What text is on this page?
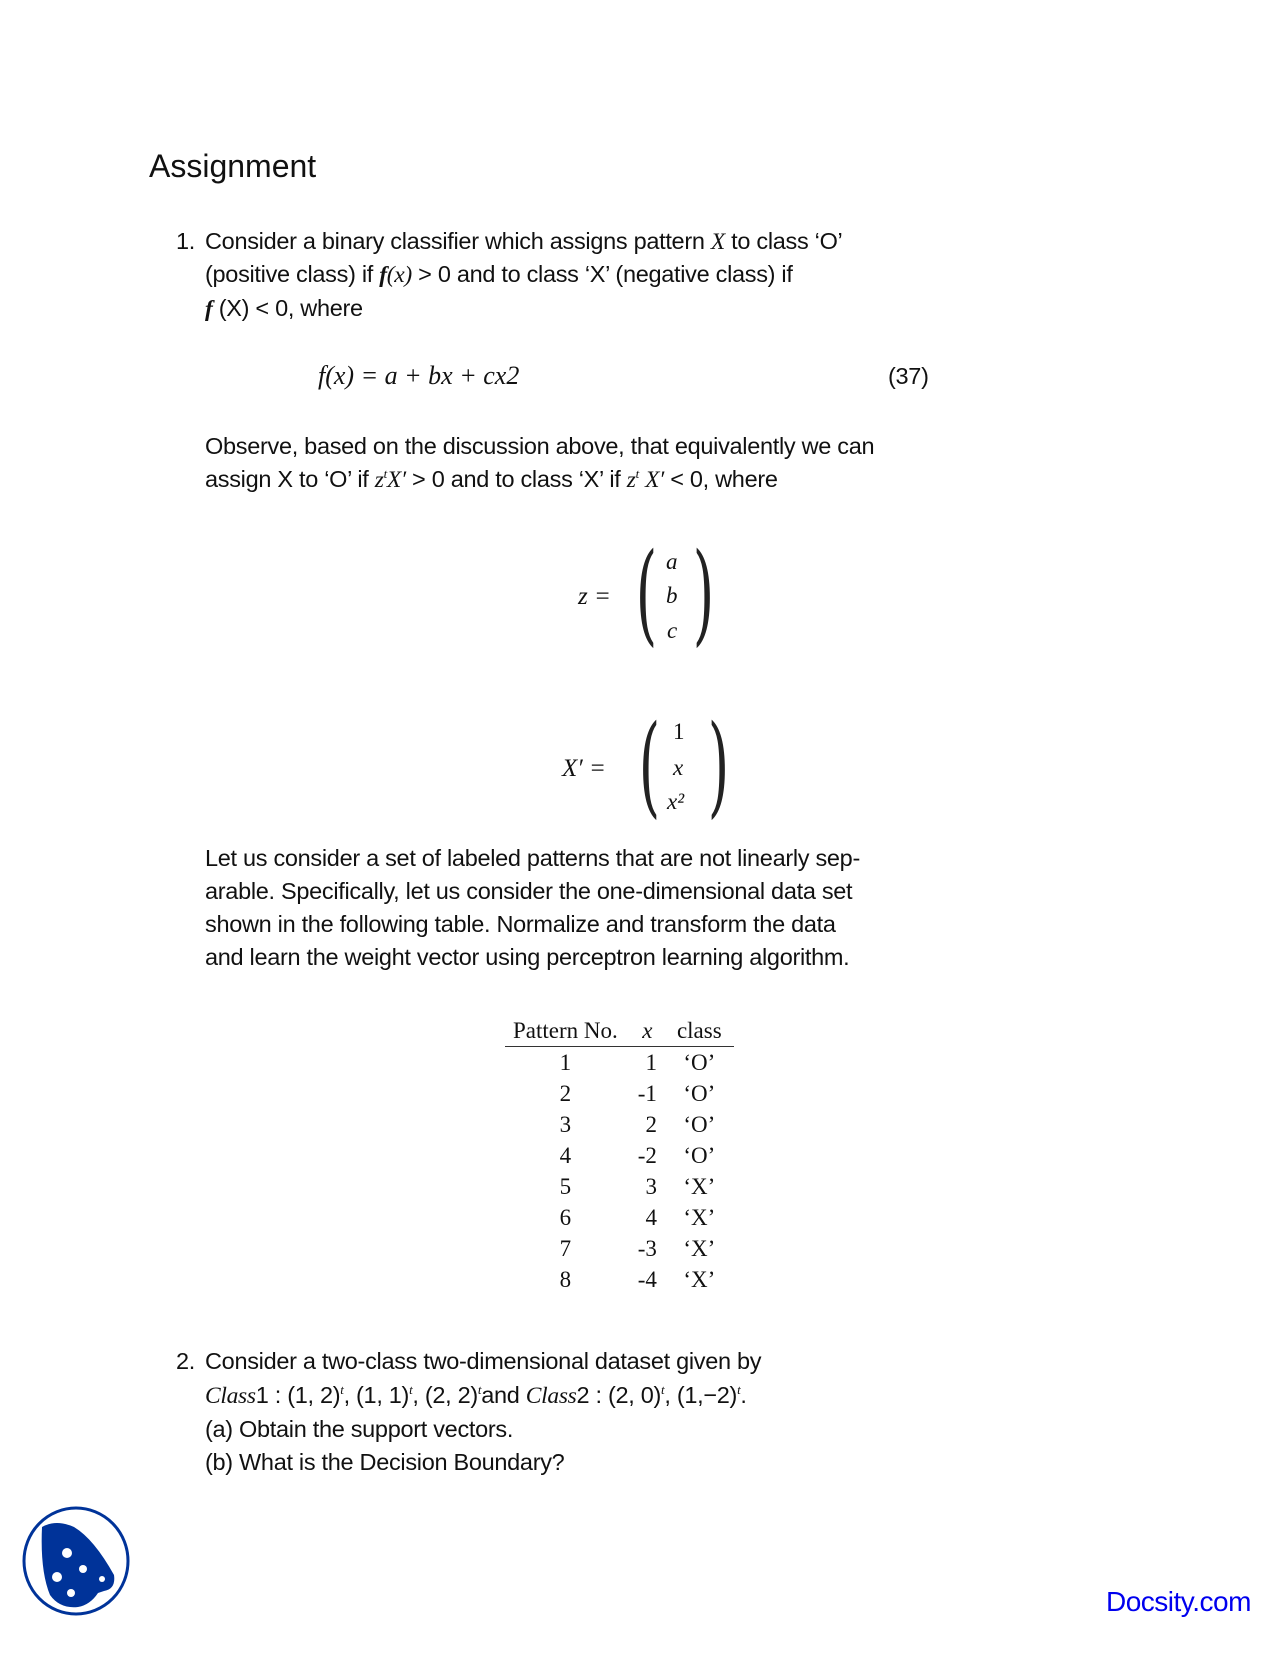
Assignment
1. Consider a binary classifier which assigns pattern X to class ‘O’
(positive class) if f(x) > 0 and to class ‘X’ (negative class) if
f (X) < 0, where
f(x) = a + bx + cx2	(37)
Observe, based on the discussion above, that equivalently we can
assign X to ‘O’ if $z^tX' > 0$ and to class ‘X’ if $z^t$ X′ < 0, where
z = ( )
a
b
c
X′ = ( )
1
x
x²
Let us consider a set of labeled patterns that are not linearly sep-
arable. Specifically, let us consider the one-dimensional data set
shown in the following table. Normalize and transform the data
and learn the weight vector using perceptron learning algorithm.
Pattern No.	x	class
1	1	‘O’
2	-1	‘O’
3	2	‘O’
4	-2	‘O’
5	3	‘X’
6	4	‘X’
7	-3	‘X’
8	-4	‘X’
2. Consider a two-class two-dimensional dataset given by
Class1 : (1, 2)$^t$, (1, 1)$^t$, (2, 2)$^t$and Class2 : (2, 0)$^t$, $(1,-2)^t$.
(a) Obtain the support vectors.
(b) What is the Decision Boundary?
Docsity.com
